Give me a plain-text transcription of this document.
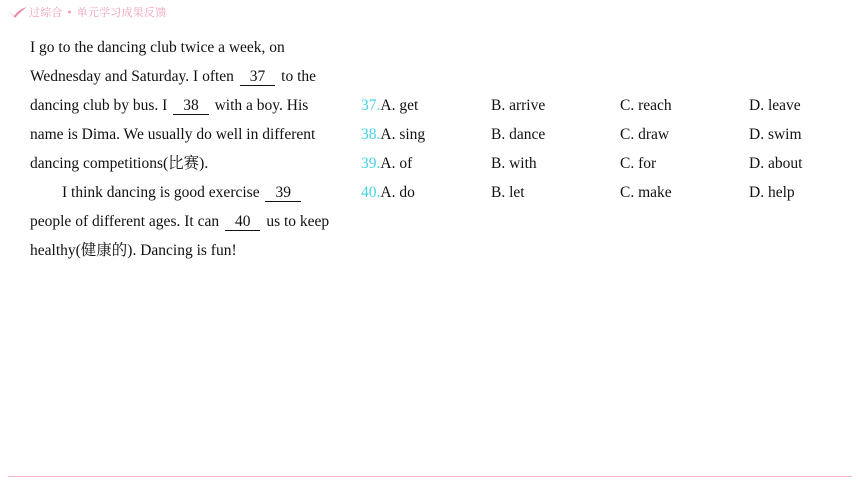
过综合 • 单元学习成果反馈
I go to the dancing club twice a week, on
Wednesday and Saturday. I often 37 to the
dancing club by bus. I 38 with a boy. His
name is Dima. We usually do well in different
dancing competitions(比赛).
I think dancing is good exercise 39
people of different ages. It can 40 us to keep
healthy(健康的). Dancing is fun!
37.A. get	B. arrive	C. reach	D. leave
38.A. sing	B. dance	C. draw	D. swim
39.A. of	B. with	C. for	D. about
40.A. do	B. let	C. make	D. help
